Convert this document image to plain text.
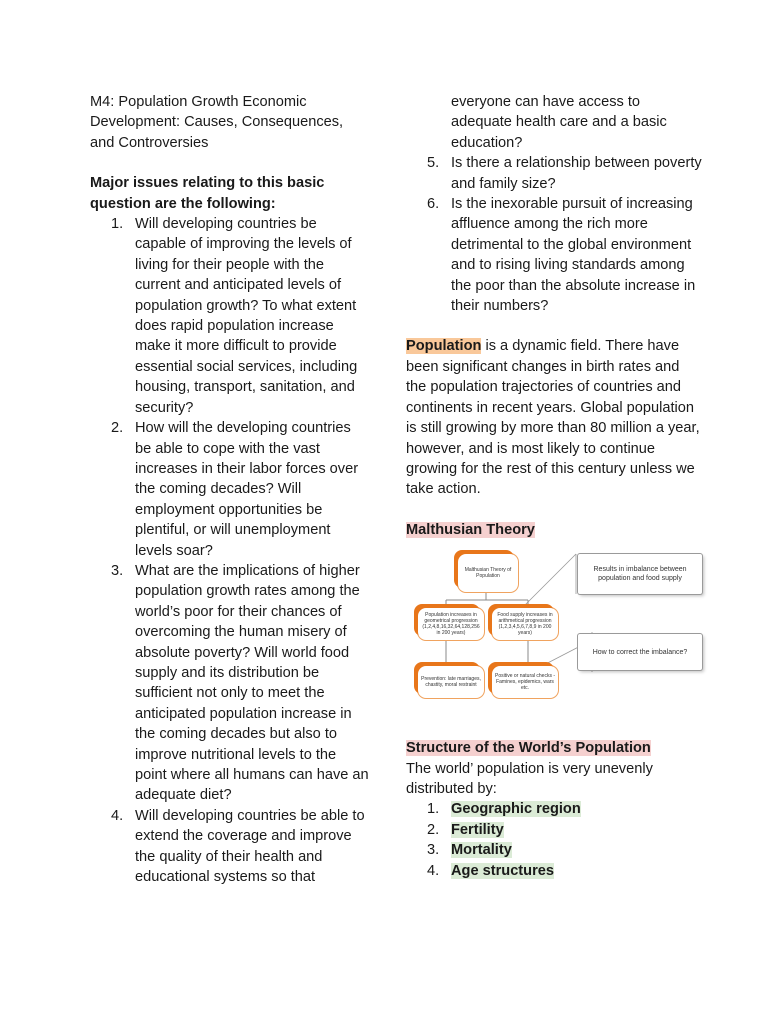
M4: Population Growth Economic

Development: Causes, Consequences,

and Controversies

Major issues relating to this basic question are the following:

1. Will developing countries be capable of improving the levels of living for their people with the current and anticipated levels of population growth? To what extent does rapid population increase make it more difficult to provide essential social services, including housing, transport, sanitation, and security?
2. How will the developing countries be able to cope with the vast increases in their labor forces over the coming decades? Will employment opportunities be plentiful, or will unemployment levels soar?
3. What are the implications of higher population growth rates among the world’s poor for their chances of overcoming the human misery of absolute poverty? Will world food supply and its distribution be sufficient not only to meet the anticipated population increase in the coming decades but also to improve nutritional levels to the point where all humans can have an adequate diet?
4. Will developing countries be able to extend the coverage and improve the quality of their health and educational systems so that
everyone can have access to adequate health care and a basic education?
5. Is there a relationship between poverty and family size?
6. Is the inexorable pursuit of increasing affluence among the rich more detrimental to the global environment and to rising living standards among the poor than the absolute increase in their numbers?

Population is a dynamic field. There have been significant changes in birth rates and the population trajectories of countries and continents in recent years. Global population is still growing by more than 80 million a year, however, and is most likely to continue growing for the rest of this century unless we take action.

Malthusian Theory

Malthusian Theory of Population
Population increases in geometrical progression (1,2,4,8,16,32,64,128,256 in 200 years)
Food supply increases in arithmetical progression (1,2,3,4,5,6,7,8,9 in 200 years)
Prevention: late marriages, chastity, moral restraint
Positive or natural checks - Famines, epidemics, wars etc.
Results in imbalance between population and food supply
How to correct the imbalance?

Structure of the World’s Population

The world’ population is very unevenly distributed by:

1. Geographic region
2. Fertility
3. Mortality
4. Age structures
